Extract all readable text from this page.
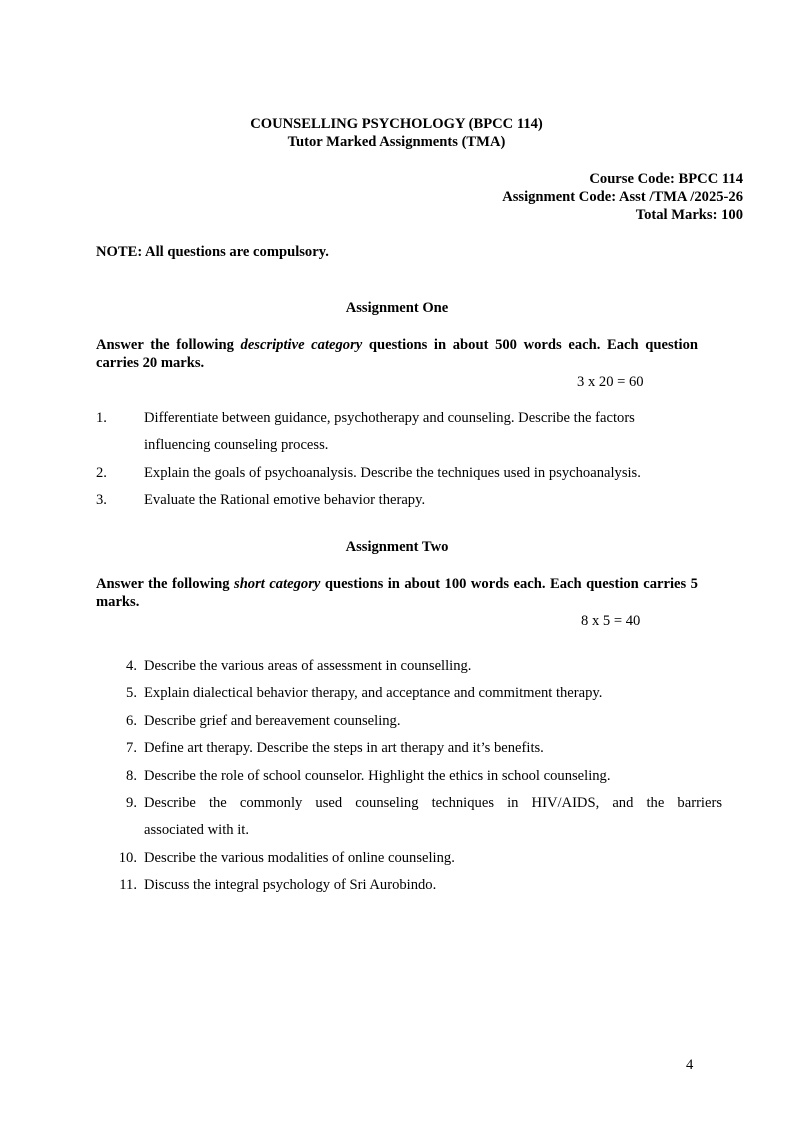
COUNSELLING PSYCHOLOGY (BPCC 114)
Tutor Marked Assignments (TMA)
Course Code: BPCC 114
Assignment Code: Asst /TMA /2025-26
Total Marks: 100
NOTE: All questions are compulsory.
Assignment One
Answer the following descriptive category questions in about 500 words each. Each question carries 20 marks.
3 x 20 = 60
1.	Differentiate between guidance, psychotherapy and counseling. Describe the factors
influencing counseling process.
2.	Explain the goals of psychoanalysis. Describe the techniques used in psychoanalysis.
3.	Evaluate the Rational emotive behavior therapy.
Assignment Two
Answer the following short category questions in about 100 words each. Each question carries 5 marks.
8 x 5 = 40
4. Describe the various areas of assessment in counselling.
5. Explain dialectical behavior therapy, and acceptance and commitment therapy.
6. Describe grief and bereavement counseling.
7. Define art therapy. Describe the steps in art therapy and it’s benefits.
8. Describe the role of school counselor. Highlight the ethics in school counseling.
9. Describe the commonly used counseling techniques in HIV/AIDS, and the barriers
associated with it.
10. Describe the various modalities of online counseling.
11. Discuss the integral psychology of Sri Aurobindo.
4
